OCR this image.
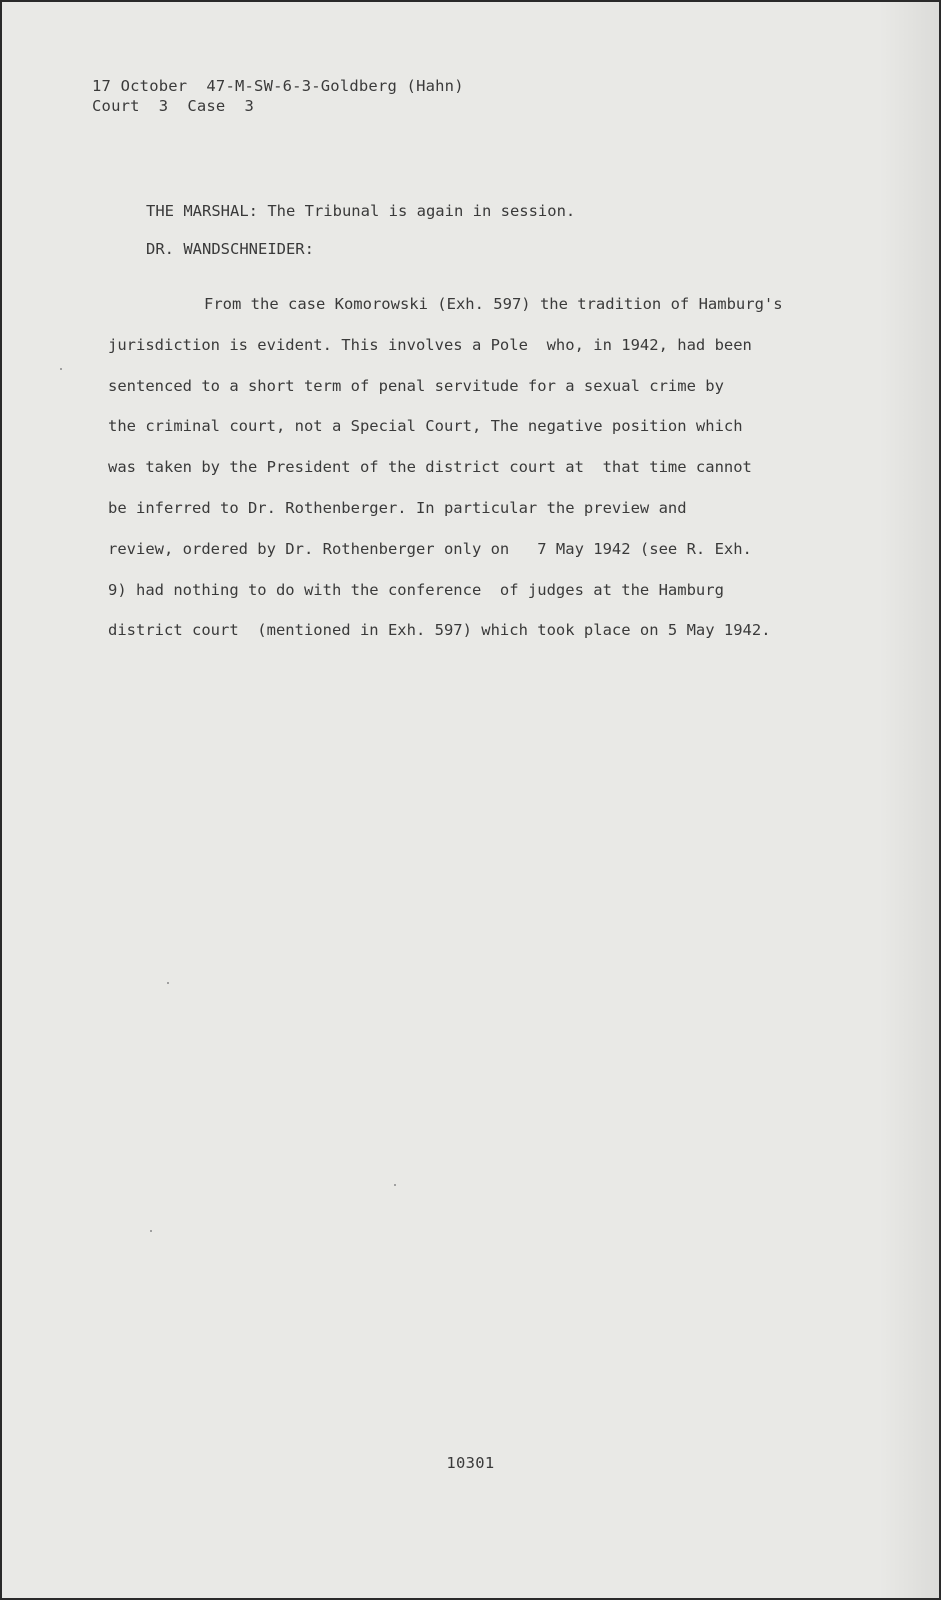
17 October  47-M-SW-6-3-Goldberg (Hahn)
Court  3  Case  3
THE MARSHAL: The Tribunal is again in session.
DR. WANDSCHNEIDER:
From the case Komorowski (Exh. 597) the tradition of Hamburg's
jurisdiction is evident. This involves a Pole  who, in 1942, had been
sentenced to a short term of penal servitude for a sexual crime by
the criminal court, not a Special Court, The negative position which
was taken by the President of the district court at  that time cannot
be inferred to Dr. Rothenberger. In particular the preview and
review, ordered by Dr. Rothenberger only on   7 May 1942 (see R. Exh.
9) had nothing to do with the conference  of judges at the Hamburg
district court  (mentioned in Exh. 597) which took place on 5 May 1942.
10301
